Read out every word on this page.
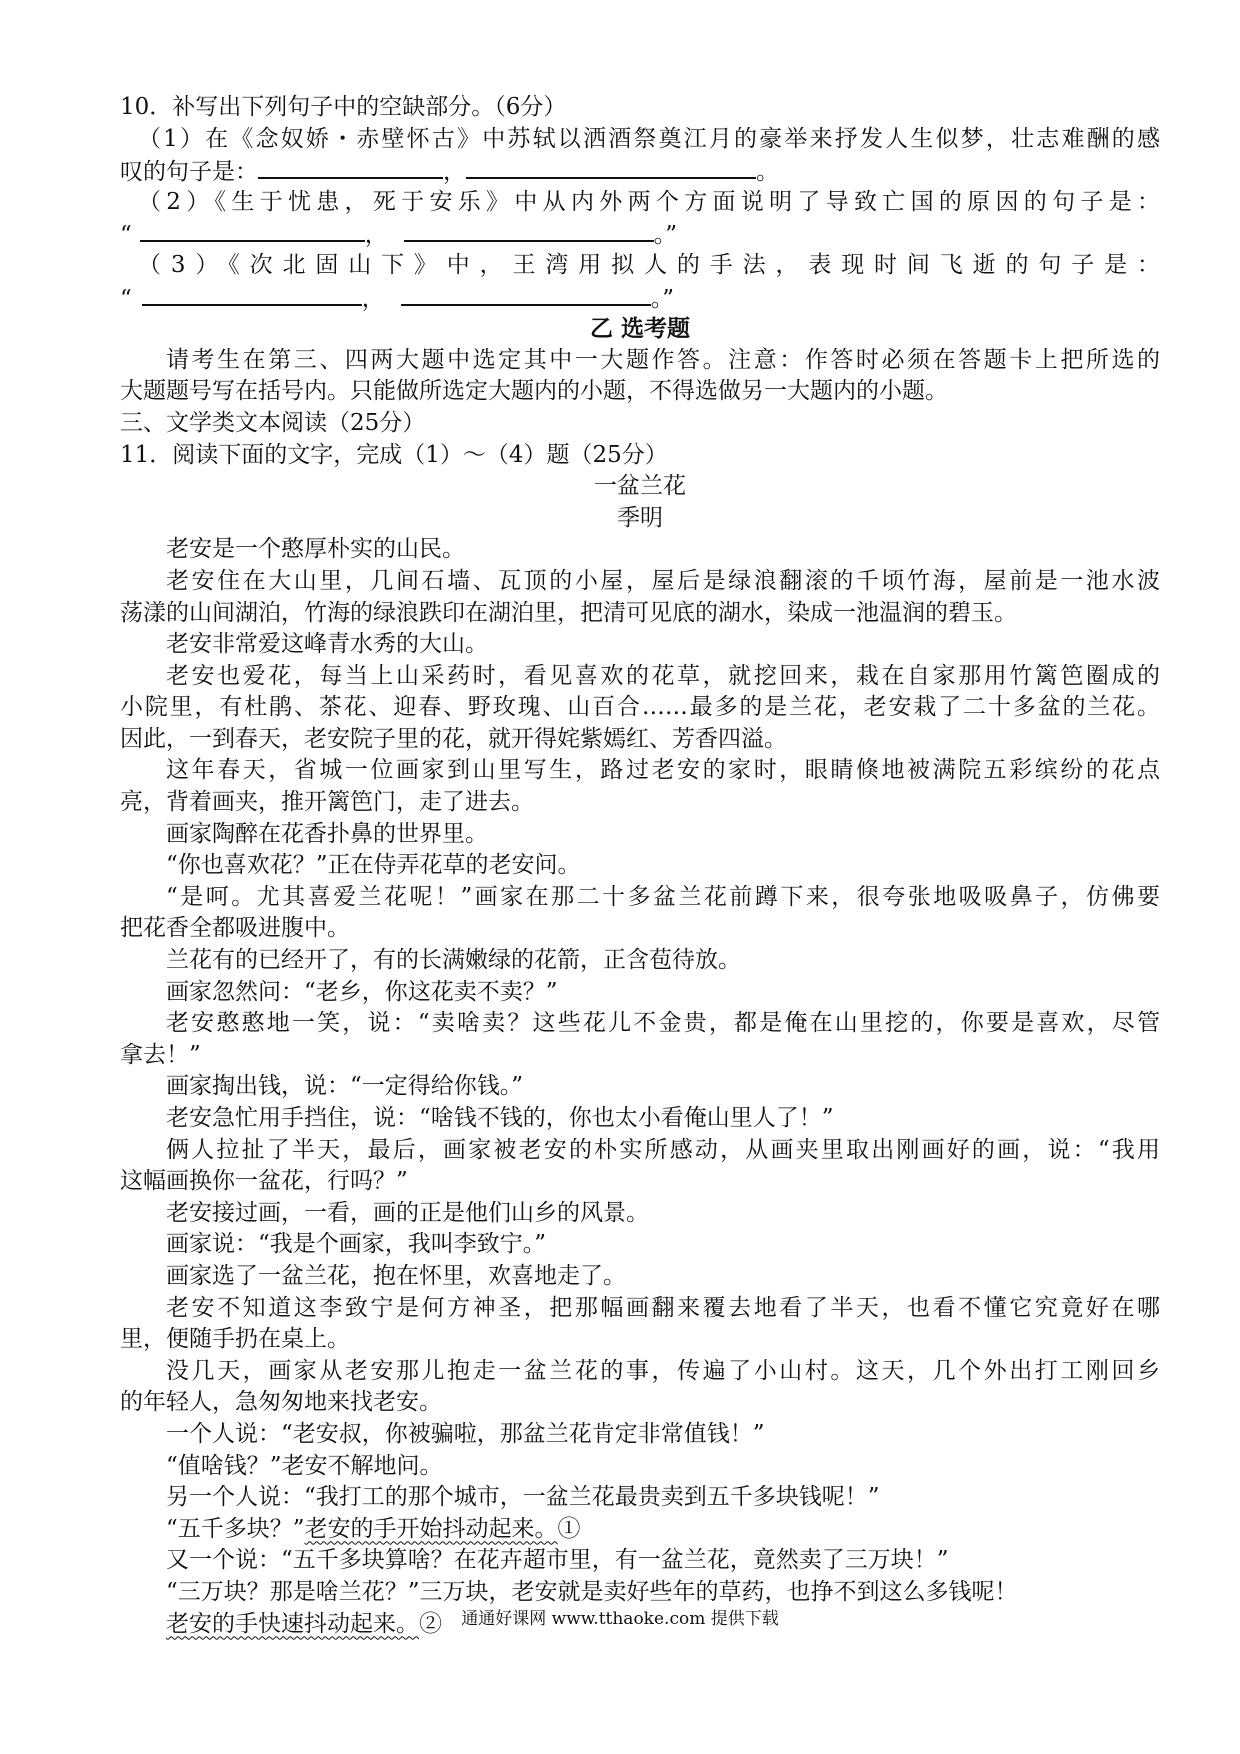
10．补写出下列句子中的空缺部分。（6分）
（1）在《念奴娇・赤壁怀古》中苏轼以洒酒祭奠江月的豪举来抒发人生似梦，壮志难酬的感
叹的句子是：	，	。
（2）《生于忧患，死于安乐》中从内外两个方面说明了导致亡国的原因的句子是：
“	，	。”
（3）《次北固山下》中，王湾用拟人的手法，表现时间飞逝的句子是：
“	，	。”
乙 选考题
请考生在第三、四两大题中选定其中一大题作答。注意：作答时必须在答题卡上把所选的
大题题号写在括号内。只能做所选定大题内的小题，不得选做另一大题内的小题。
三、文学类文本阅读（25分）
11．阅读下面的文字，完成（1）～（4）题（25分）
一盆兰花
季明
老安是一个憨厚朴实的山民。
老安住在大山里，几间石墙、瓦顶的小屋，屋后是绿浪翻滚的千顷竹海，屋前是一池水波
荡漾的山间湖泊，竹海的绿浪跌印在湖泊里，把清可见底的湖水，染成一池温润的碧玉。
老安非常爱这峰青水秀的大山。
老安也爱花，每当上山采药时，看见喜欢的花草，就挖回来，栽在自家那用竹篱笆圈成的
小院里，有杜鹃、茶花、迎春、野玫瑰、山百合……最多的是兰花，老安栽了二十多盆的兰花。
因此，一到春天，老安院子里的花，就开得姹紫嫣红、芳香四溢。
这年春天，省城一位画家到山里写生，路过老安的家时，眼睛倏地被满院五彩缤纷的花点
亮，背着画夹，推开篱笆门，走了进去。
画家陶醉在花香扑鼻的世界里。
“你也喜欢花？”正在侍弄花草的老安问。
“是呵。尤其喜爱兰花呢！”画家在那二十多盆兰花前蹲下来，很夸张地吸吸鼻子，仿佛要
把花香全都吸进腹中。
兰花有的已经开了，有的长满嫩绿的花箭，正含苞待放。
画家忽然问：“老乡，你这花卖不卖？”
老安憨憨地一笑，说：“卖啥卖？这些花儿不金贵，都是俺在山里挖的，你要是喜欢，尽管
拿去！”
画家掏出钱，说：“一定得给你钱。”
老安急忙用手挡住，说：“啥钱不钱的，你也太小看俺山里人了！”
俩人拉扯了半天，最后，画家被老安的朴实所感动，从画夹里取出刚画好的画，说：“我用
这幅画换你一盆花，行吗？”
老安接过画，一看，画的正是他们山乡的风景。
画家说：“我是个画家，我叫李致宁。”
画家选了一盆兰花，抱在怀里，欢喜地走了。
老安不知道这李致宁是何方神圣，把那幅画翻来覆去地看了半天，也看不懂它究竟好在哪
里，便随手扔在桌上。
没几天，画家从老安那儿抱走一盆兰花的事，传遍了小山村。这天，几个外出打工刚回乡
的年轻人，急匆匆地来找老安。
一个人说：“老安叔，你被骗啦，那盆兰花肯定非常值钱！”
“值啥钱？”老安不解地问。
另一个人说：“我打工的那个城市，一盆兰花最贵卖到五千多块钱呢！”
“五千多块？”老安的手开始抖动起来。①
又一个说：“五千多块算啥？在花卉超市里，有一盆兰花，竟然卖了三万块！”
“三万块？那是啥兰花？”三万块，老安就是卖好些年的草药，也挣不到这么多钱呢！
老安的手快速抖动起来。②	通通好课网 www.tthaoke.com 提供下载
